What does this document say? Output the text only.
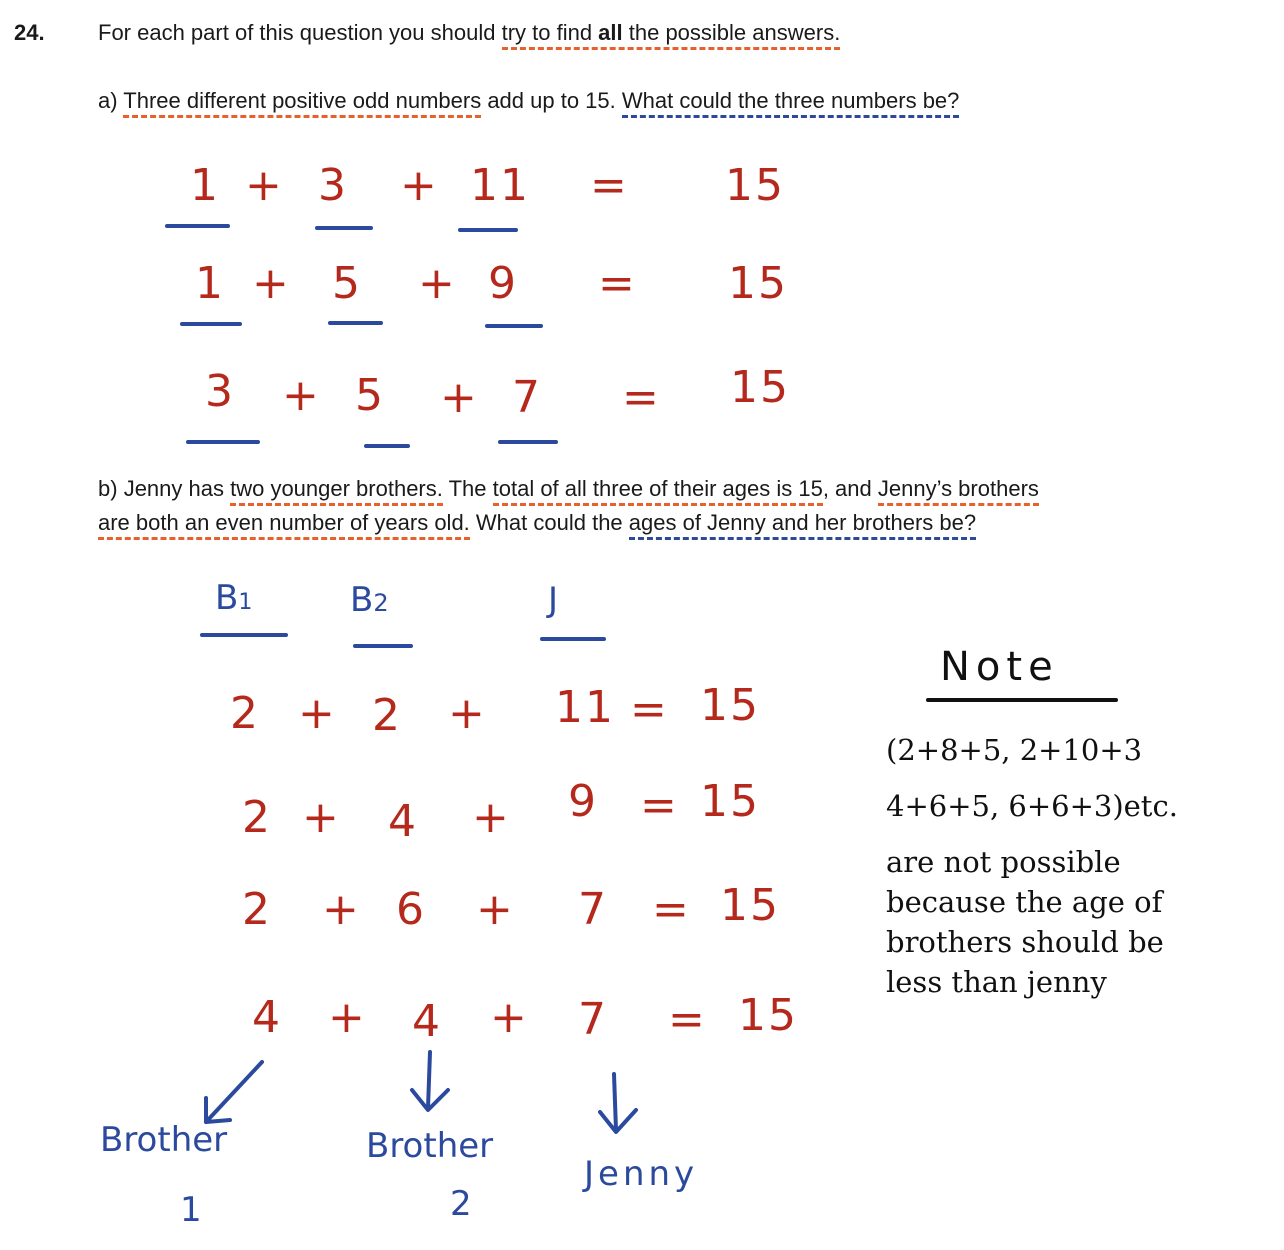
24. For each part of this question you should try to find all the possible answers.
a) Three different positive odd numbers add up to 15. What could the three numbers be?
1 + 3 + 11 = 15
1 + 5 + 9 = 15
3 + 5 + 7 = 15
b) Jenny has two younger brothers. The total of all three of their ages is 15, and Jenny’s brothers
are both an even number of years old. What could the ages of Jenny and her brothers be?
B1	B2	J
2 + 2 + 11 = 15
2 + 4 + 9 = 15
2 + 6 + 7 = 15
4 + 4 + 7 = 15
Brother
1
Brother
2
Jenny
Note
(2+8+5, 2+10+3
4+6+5, 6+6+3)etc.
are not possible
because the age of
brothers should be
less than jenny
